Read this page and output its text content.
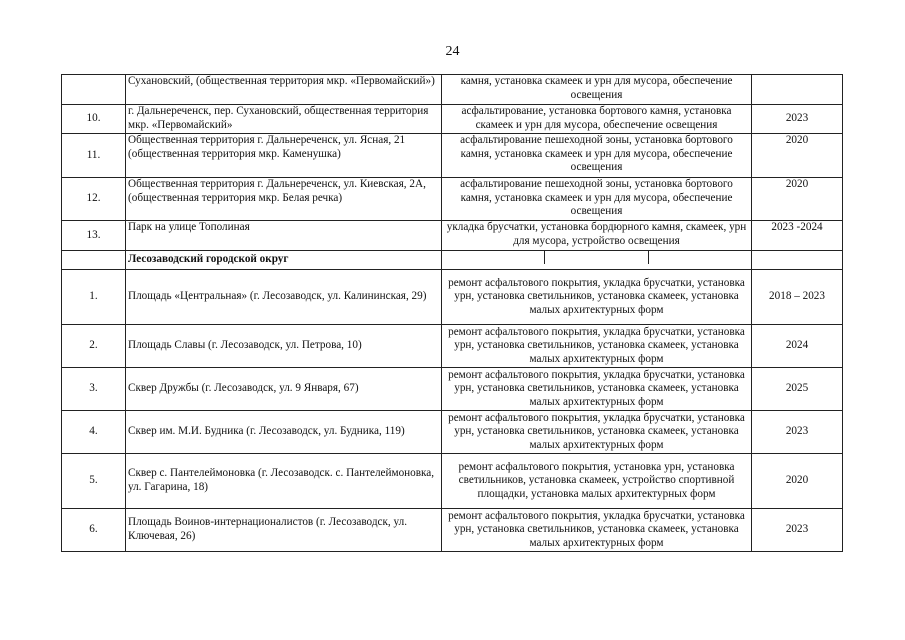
24
	Сухановский, (общественная территория мкр. «Первомайский»)	камня, установка скамеек и урн для мусора, обеспечение освещения	
10.	г. Дальнереченск, пер. Сухановский, общественная территория мкр. «Первомайский»	асфальтирование, установка бортового камня, установка скамеек и урн для мусора, обеспечение освещения	2023
11.	Общественная территория г. Дальнереченск, ул. Ясная, 21 (общественная территория мкр. Каменушка)	асфальтирование пешеходной зоны, установка бортового камня, установка скамеек и урн для мусора, обеспечение освещения	2020
12.	Общественная территория г. Дальнереченск, ул. Киевская, 2А, (общественная территория мкр. Белая речка)	асфальтирование пешеходной зоны, установка бортового камня, установка скамеек и урн для мусора, обеспечение освещения	2020
13.	Парк на улице Тополиная	укладка брусчатки, установка бордюрного камня, скамеек, урн для мусора, устройство освещения	2023 -2024
	Лесозаводский городской округ	

1.	Площадь «Центральная» (г. Лесозаводск, ул. Калининская, 29)	ремонт асфальтового покрытия, укладка брусчатки, установка урн, установка светильников, установка скамеек, установка малых архитектурных форм	2018 – 2023
2.	Площадь Славы (г. Лесозаводск, ул. Петрова, 10)	ремонт асфальтового покрытия, укладка брусчатки, установка урн, установка светильников, установка скамеек, установка малых архитектурных форм	2024
3.	Сквер Дружбы (г. Лесозаводск, ул. 9 Января, 67)	ремонт асфальтового покрытия, укладка брусчатки, установка урн, установка светильников, установка скамеек, установка малых архитектурных форм	2025
4.	Сквер им. М.И. Будника (г. Лесозаводск, ул. Будника, 119)	ремонт асфальтового покрытия, укладка брусчатки, установка урн, установка светильников, установка скамеек, установка малых архитектурных форм	2023
5.	Сквер с. Пантелеймоновка (г. Лесозаводск. с. Пантелеймоновка, ул. Гагарина, 18)	ремонт асфальтового покрытия, установка урн, установка светильников, установка скамеек, устройство спортивной площадки, установка малых архитектурных форм	2020
6.	Площадь Воинов-интернационалистов (г. Лесозаводск, ул. Ключевая, 26)	ремонт асфальтового покрытия, укладка брусчатки, установка урн, установка светильников, установка скамеек, установка малых архитектурных форм	2023
